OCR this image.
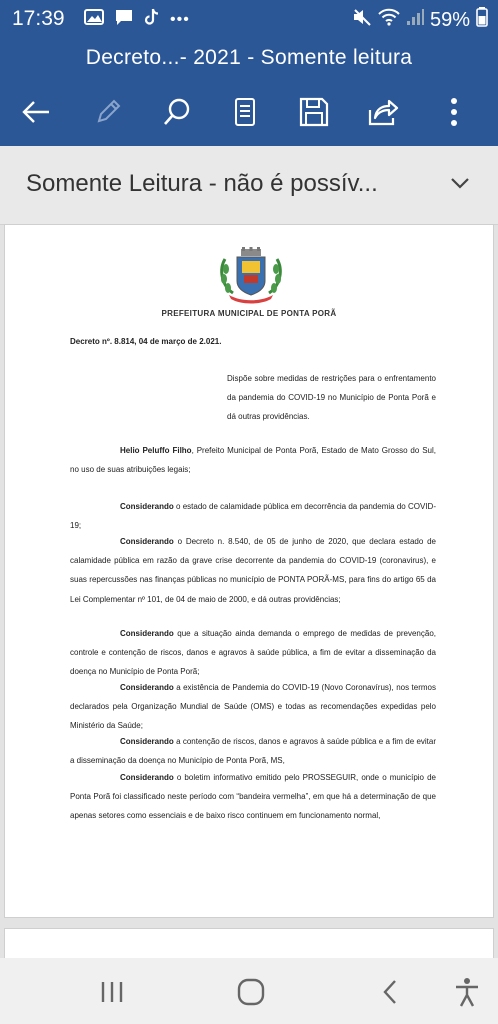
17:39	•••	59%
Decreto...- 2021 - Somente leitura
Somente Leitura - não é possív...
PREFEITURA MUNICIPAL DE PONTA PORÃ
Decreto nº. 8.814, 04 de março de 2.021.
Dispõe sobre medidas de restrições para o enfrentamento da pandemia do COVID-19 no Município de Ponta Porã e dá outras providências.
Helio Peluffo Filho, Prefeito Municipal de Ponta Porã, Estado de Mato Grosso do Sul, no uso de suas atribuições legais;
Considerando o estado de calamidade pública em decorrência da pandemia do COVID-19;
Considerando o Decreto n. 8.540, de 05 de junho de 2020, que declara estado de calamidade pública em razão da grave crise decorrente da pandemia do COVID-19 (coronavirus), e suas repercussões nas finanças públicas no município de PONTA PORÃ-MS, para fins do artigo 65 da Lei Complementar nº 101, de 04 de maio de 2000, e dá outras providências;
Considerando que a situação ainda demanda o emprego de medidas de prevenção, controle e contenção de riscos, danos e agravos à saúde pública, a fim de evitar a disseminação da doença no Município de Ponta Porã;
Considerando a existência de Pandemia do COVID-19 (Novo Coronavírus), nos termos declarados pela Organização Mundial de Saúde (OMS) e todas as recomendações expedidas pelo Ministério da Saúde;
Considerando a contenção de riscos, danos e agravos à saúde pública e a fim de evitar a disseminação da doença no Município de Ponta Porã, MS,
Considerando o boletim informativo emitido pelo PROSSEGUIR, onde o município de Ponta Porã foi classificado neste período com “bandeira vermelha”, em que há a determinação de que apenas setores como essenciais e de baixo risco continuem em funcionamento normal,
